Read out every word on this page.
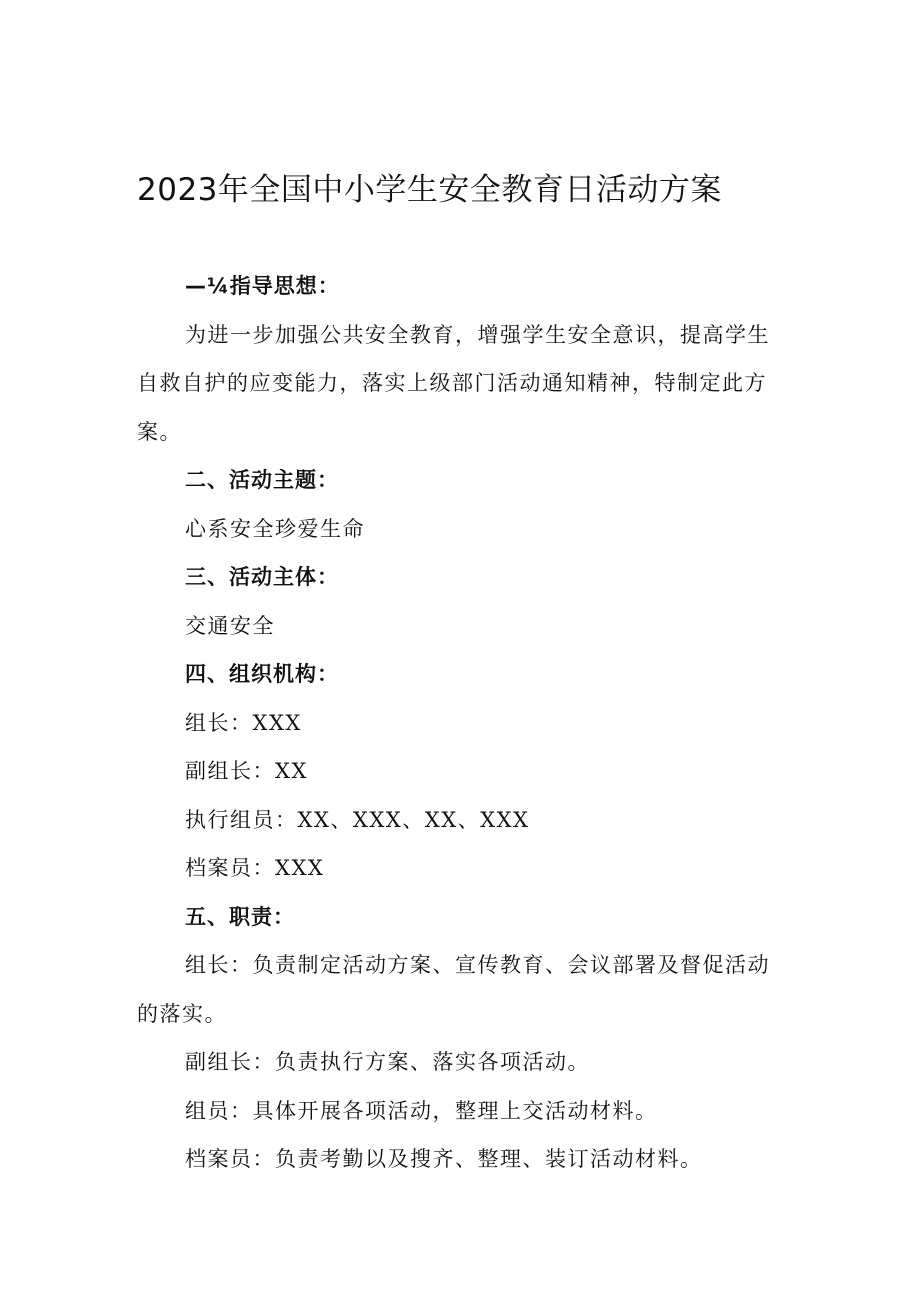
2023年全国中小学生安全教育日活动方案

—¼指导思想：

为进一步加强公共安全教育，增强学生安全意识，提高学生

自救自护的应变能力，落实上级部门活动通知精神，特制定此方

案。

二、活动主题：

心系安全珍爱生命

三、活动主体：

交通安全

四、组织机构：

组长：XXX

副组长：XX

执行组员：XX、XXX、XX、XXX

档案员：XXX

五、职责：

组长：负责制定活动方案、宣传教育、会议部署及督促活动

的落实。

副组长：负责执行方案、落实各项活动。

组员：具体开展各项活动，整理上交活动材料。

档案员：负责考勤以及搜齐、整理、装订活动材料。
